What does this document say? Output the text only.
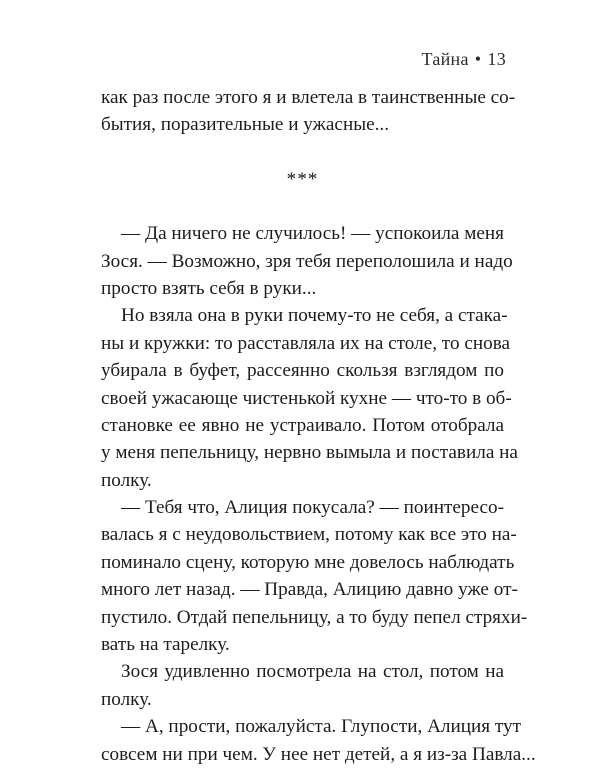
Тайна • 13
как раз после этого я и влетела в таинственные со-
бытия, поразительные и ужасные...
***
— Да ничего не случилось! — успокоила меня
Зося. — Возможно, зря тебя переполошила и надо
просто взять себя в руки...
Но взяла она в руки почему-то не себя, а стака-
ны и кружки: то расставляла их на столе, то снова
убирала в буфет, рассеянно скользя взглядом по
своей ужасающе чистенькой кухне — что-то в об-
становке ее явно не устраивало. Потом отобрала
у меня пепельницу, нервно вымыла и поставила на
полку.
— Тебя что, Алиция покусала? — поинтересо-
валась я с неудовольствием, потому как все это на-
поминало сцену, которую мне довелось наблюдать
много лет назад. — Правда, Алицию давно уже от-
пустило. Отдай пепельницу, а то буду пепел стряхи-
вать на тарелку.
Зося удивленно посмотрела на стол, потом на
полку.
— А, прости, пожалуйста. Глупости, Алиция тут
совсем ни при чем. У нее нет детей, а я из-за Павла...
